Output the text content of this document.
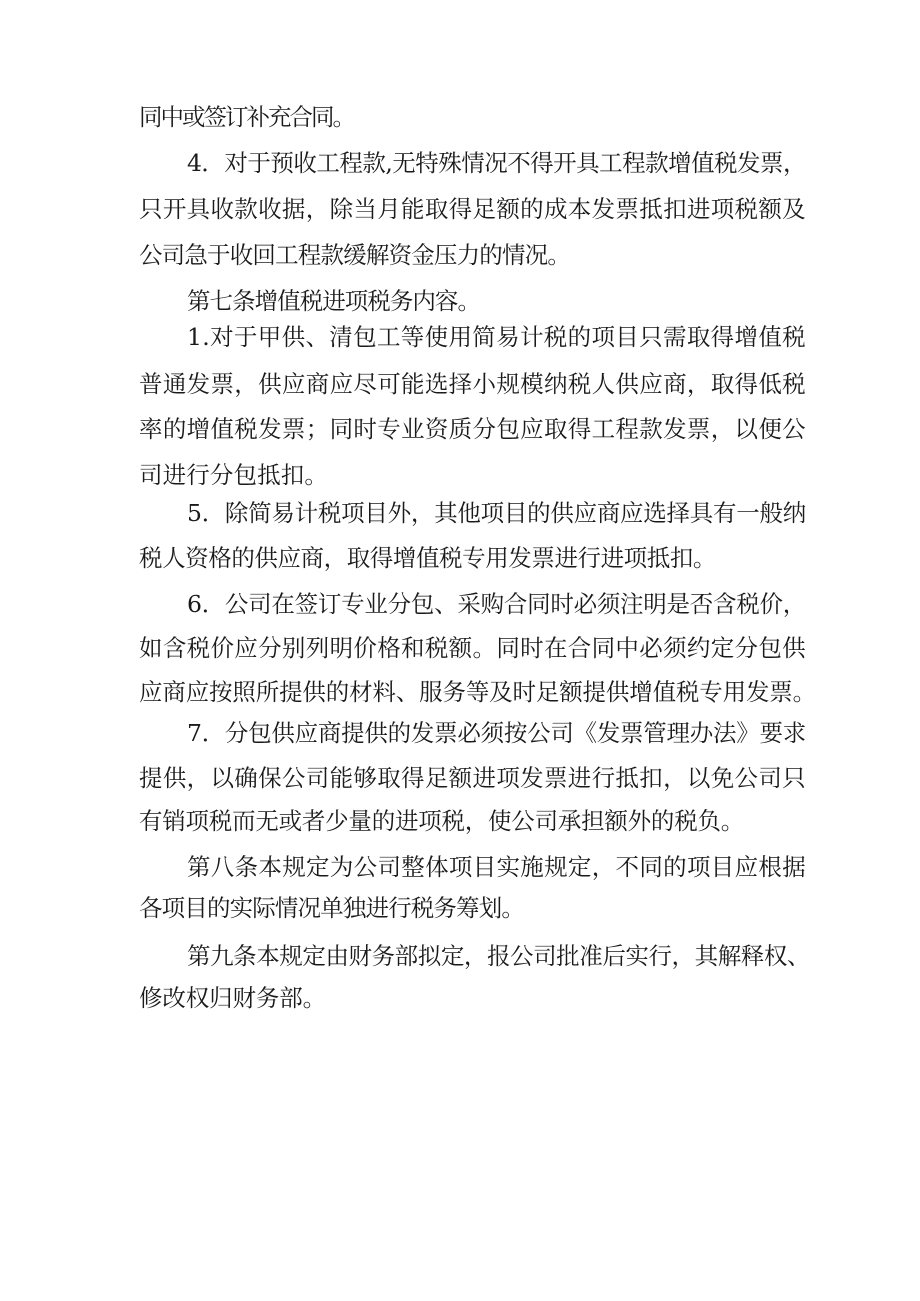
同中或签订补充合同。
4．对于预收工程款,无特殊情况不得开具工程款增值税发票，
只开具收款收据，除当月能取得足额的成本发票抵扣进项税额及
公司急于收回工程款缓解资金压力的情况。
第七条增值税进项税务内容。
1.对于甲供、清包工等使用简易计税的项目只需取得增值税
普通发票，供应商应尽可能选择小规模纳税人供应商，取得低税
率的增值税发票；同时专业资质分包应取得工程款发票，以便公
司进行分包抵扣。
5．除简易计税项目外，其他项目的供应商应选择具有一般纳
税人资格的供应商，取得增值税专用发票进行进项抵扣。
6．公司在签订专业分包、采购合同时必须注明是否含税价，
如含税价应分别列明价格和税额。同时在合同中必须约定分包供
应商应按照所提供的材料、服务等及时足额提供增值税专用发票。
7．分包供应商提供的发票必须按公司《发票管理办法》要求
提供，以确保公司能够取得足额进项发票进行抵扣，以免公司只
有销项税而无或者少量的进项税，使公司承担额外的税负。
第八条本规定为公司整体项目实施规定，不同的项目应根据
各项目的实际情况单独进行税务筹划。
第九条本规定由财务部拟定，报公司批准后实行，其解释权、
修改权归财务部。
